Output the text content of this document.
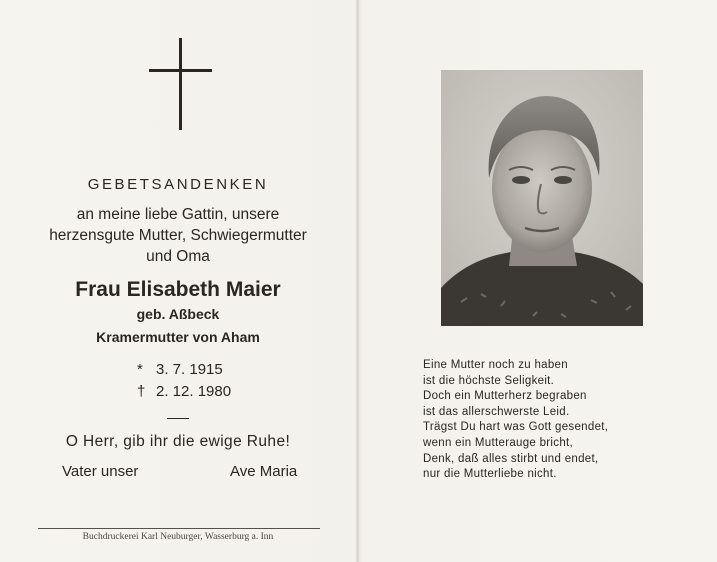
GEBETSANDENKEN
an meine liebe Gattin, unsere
herzensgute Mutter, Schwiegermutter
und Oma
Frau Elisabeth Maier
geb. Aßbeck
Kramermutter von Aham
* 3. 7. 1915
† 2. 12. 1980
O Herr, gib ihr die ewige Ruhe!
Vater unser	Ave Maria
Buchdruckerei Karl Neuburger, Wasserburg a. Inn
Eine Mutter noch zu haben
ist die höchste Seligkeit.
Doch ein Mutterherz begraben
ist das allerschwerste Leid.
Trägst Du hart was Gott gesendet,
wenn ein Mutterauge bricht,
Denk, daß alles stirbt und endet,
nur die Mutterliebe nicht.
